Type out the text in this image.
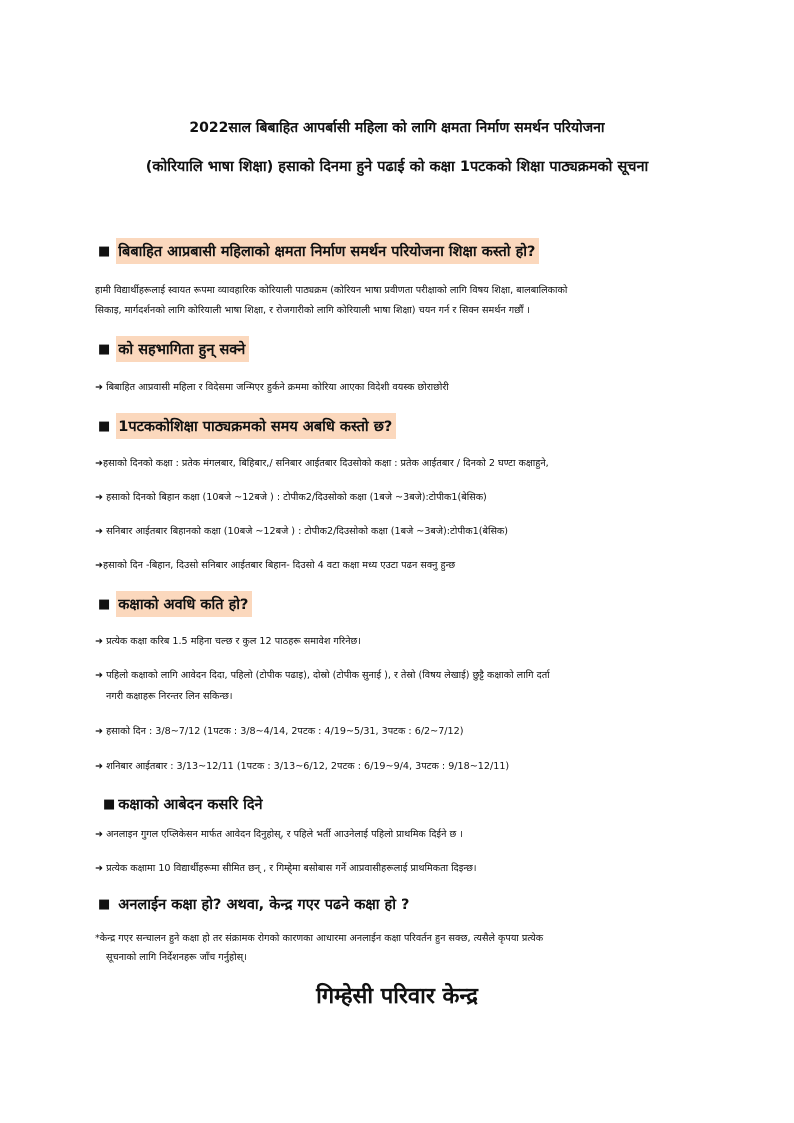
2022साल बिबाहित आपर्बासी महिला को लागि क्षमता निर्माण समर्थन परियोजना
(कोरियालि भाषा शिक्षा) हसाको दिनमा हुने पढाई को कक्षा 1पटकको शिक्षा पाठ्यक्रमको सूचना
■ बिबाहित आप्रबासी महिलाको क्षमता निर्माण समर्थन परियोजना शिक्षा कस्तो हो?
हामी विद्यार्थीहरूलाई स्वायत रूपमा व्यावहारिक कोरियाली पाठ्यक्रम (कोरियन भाषा प्रवीणता परीक्षाको लागि विषय शिक्षा, बालबालिकाको
सिकाइ, मार्गदर्शनको लागि कोरियाली भाषा शिक्षा, र रोजगारीको लागि कोरियाली भाषा शिक्षा) चयन गर्न र सिक्न समर्थन गर्छौं ।
■ को सहभागिता हुन् सक्ने
➜ बिबाहित आप्रवासी महिला र विदेसमा जन्मिएर हुर्कने क्रममा कोरिया आएका विदेशी वयस्क छोराछोरी
■ 1पटककोशिक्षा पाठ्यक्रमको समय अबधि कस्तो छ?
➜हसाको दिनको कक्षा : प्रतेक मंगलबार, बिहिबार,/ सनिबार आईतबार दिउसोको कक्षा : प्रतेक आईतबार / दिनको 2 घण्टा कक्षाहुने,
➜ हसाको दिनको बिहान कक्षा (10बजे ~12बजे ) : टोपीक2/दिउसोको कक्षा (1बजे ~3बजे):टोपीक1(बेसिक)
➜ सनिबार आईतबार बिहानको कक्षा (10बजे ~12बजे ) : टोपीक2/दिउसोको कक्षा (1बजे ~3बजे):टोपीक1(बेसिक)
➜हसाको दिन -बिहान, दिउसो सनिबार आईतबार बिहान- दिउसो 4 वटा कक्षा मध्य एउटा पढन सक्नु हुन्छ
■ कक्षाको अवधि कति हो?
➜ प्रत्येक कक्षा करिब 1.5 महिना चल्छ र कुल 12 पाठहरू समावेश गरिनेछ।
➜ पहिलो कक्षाको लागि आवेदन दिदा, पहिलो (टोपीक पढाइ), दोस्रो (टोपीक सुनाई ), र तेस्रो (विषय लेखाई) छुट्टै कक्षाको लागि दर्ता
नगरी कक्षाहरू निरन्तर लिन सकिन्छ।
➜ हसाको दिन : 3/8~7/12 (1पटक : 3/8~4/14, 2पटक : 4/19~5/31, 3पटक : 6/2~7/12)
➜ शनिबार आईतबार : 3/13~12/11 (1पटक : 3/13~6/12, 2पटक : 6/19~9/4, 3पटक : 9/18~12/11)
■ कक्षाको आबेदन कसरि दिने
➜ अनलाइन गुगल एप्लिकेसन मार्फत आवेदन दिनुहोस्, र पहिले भर्ती आउनेलाई पहिलो प्राथमिक दिईने छ ।
➜ प्रत्येक कक्षामा 10 विद्यार्थीहरूमा सीमित छन् , र गिम्हे्मा बसोबास गर्ने आप्रवासीहरूलाई प्राथमिकता दिइन्छ।
■ अनलाईन कक्षा हो? अथवा, केन्द्र गएर पढने कक्षा हो ?
*केन्द्र गएर सन्चालन हुने कक्षा हो तर संक्रामक रोगको कारणका आधारमा अनलाईन कक्षा परिवर्तन हुन सक्छ, त्यसैले कृपया प्रत्येक
सूचनाको लागि निर्देशनहरू जाँच गर्नुहोस्।
गिम्हेसी परिवार केन्द्र
